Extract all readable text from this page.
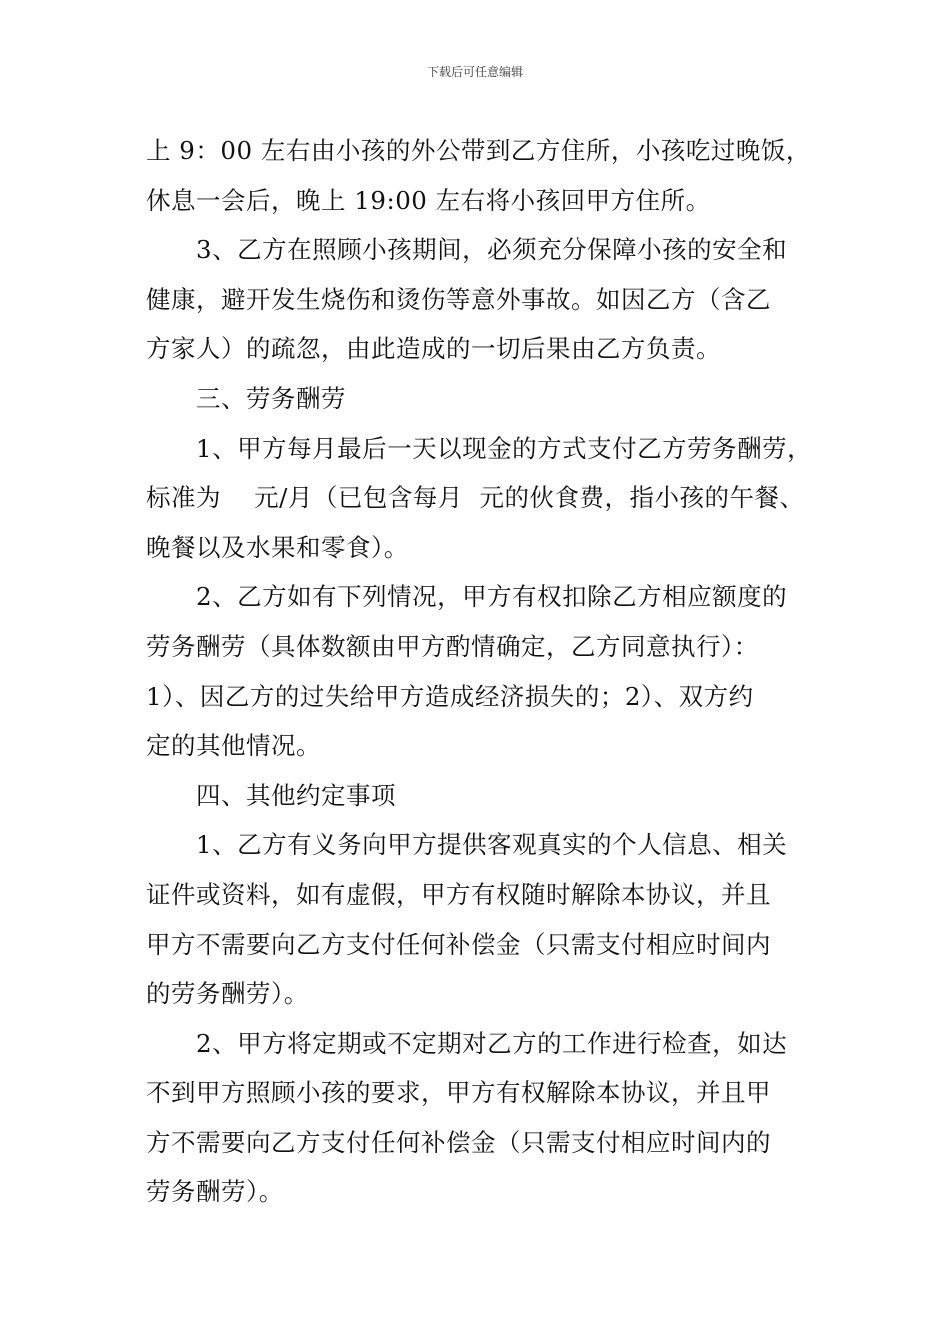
下载后可任意编辑
上 9：00 左右由小孩的外公带到乙方住所，小孩吃过晚饭，
休息一会后，晚上 19:00 左右将小孩回甲方住所。
3、乙方在照顾小孩期间，必须充分保障小孩的安全和
健康，避开发生烧伤和烫伤等意外事故。如因乙方（含乙
方家人）的疏忽，由此造成的一切后果由乙方负责。
三、劳务酬劳
1、甲方每月最后一天以现金的方式支付乙方劳务酬劳，
标准为    元/月（已包含每月  元的伙食费，指小孩的午餐、
晚餐以及水果和零食）。
2、乙方如有下列情况，甲方有权扣除乙方相应额度的
劳务酬劳（具体数额由甲方酌情确定，乙方同意执行）：
1）、因乙方的过失给甲方造成经济损失的；2）、双方约
定的其他情况。
四、其他约定事项
1、乙方有义务向甲方提供客观真实的个人信息、相关
证件或资料，如有虚假，甲方有权随时解除本协议，并且
甲方不需要向乙方支付任何补偿金（只需支付相应时间内
的劳务酬劳）。
2、甲方将定期或不定期对乙方的工作进行检查，如达
不到甲方照顾小孩的要求，甲方有权解除本协议，并且甲
方不需要向乙方支付任何补偿金（只需支付相应时间内的
劳务酬劳）。
